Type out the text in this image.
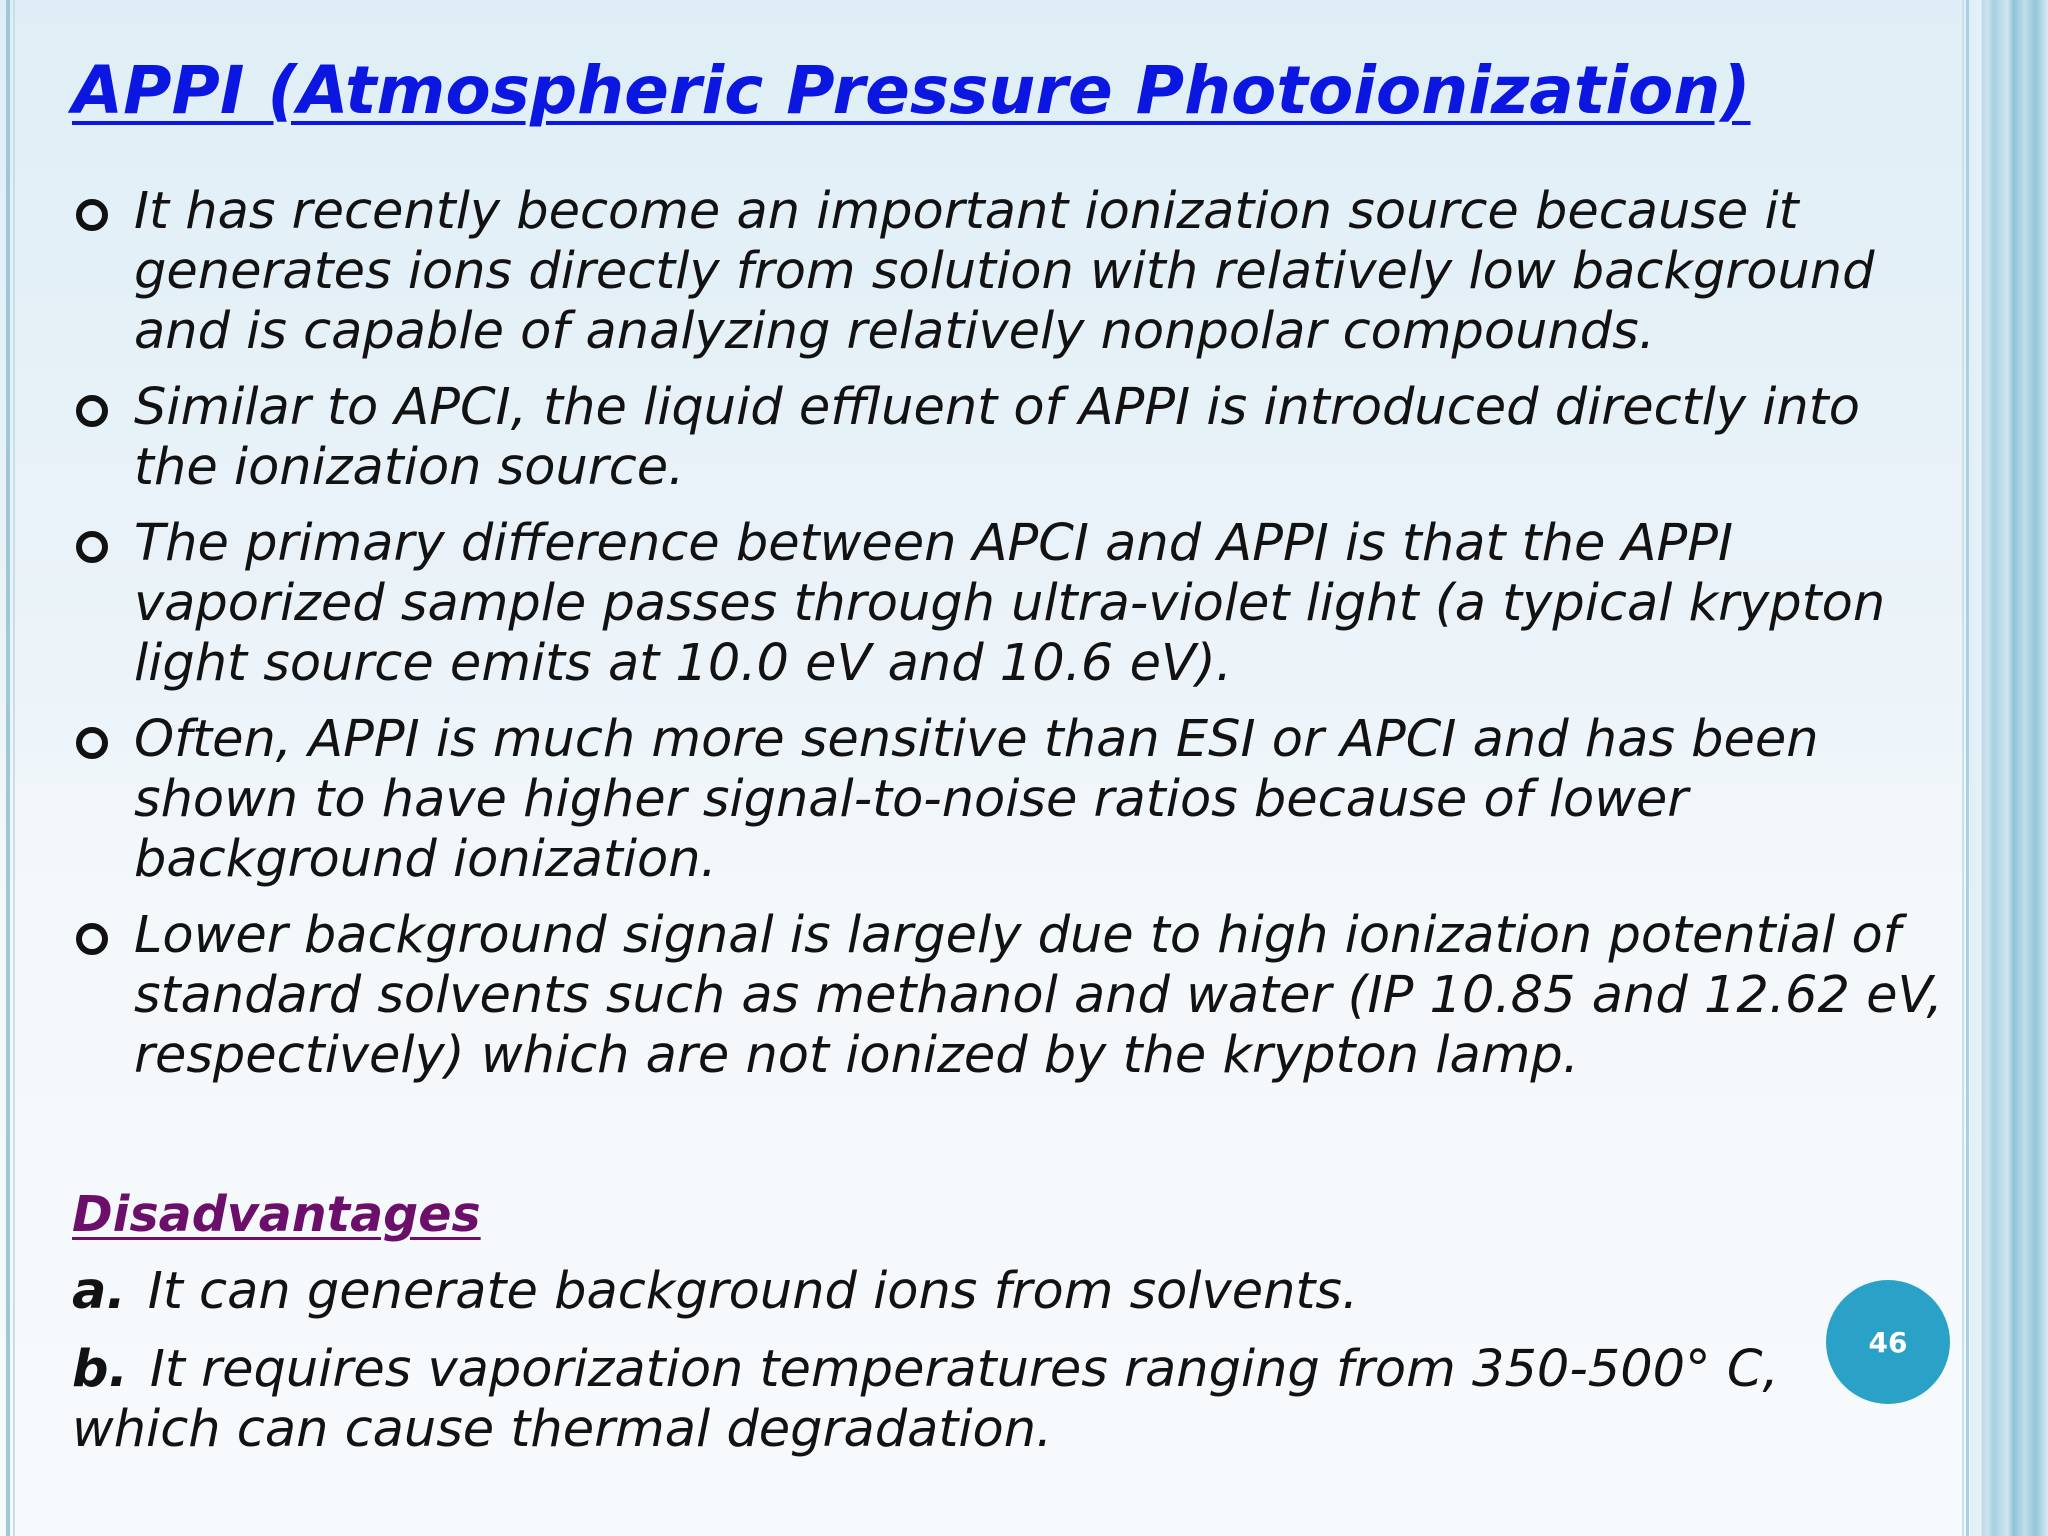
APPI (Atmospheric Pressure Photoionization)
It has recently become an important ionization source because it generates ions directly from solution with relatively low background and is capable of analyzing relatively nonpolar compounds.
Similar to APCI, the liquid effluent of APPI is introduced directly into the ionization source.
The primary difference between APCI and APPI is that the APPI vaporized sample passes through ultra-violet light (a typical krypton light source emits at 10.0 eV and 10.6 eV).
Often, APPI is much more sensitive than ESI or APCI and has been shown to have higher signal-to-noise ratios because of lower background ionization.
Lower background signal is largely due to high ionization potential of standard solvents such as methanol and water (IP 10.85 and 12.62 eV, respectively) which are not ionized by the krypton lamp.
Disadvantages
a. It can generate background ions from solvents.
b. It requires vaporization temperatures ranging from 350-500° C, which can cause thermal degradation.
46
